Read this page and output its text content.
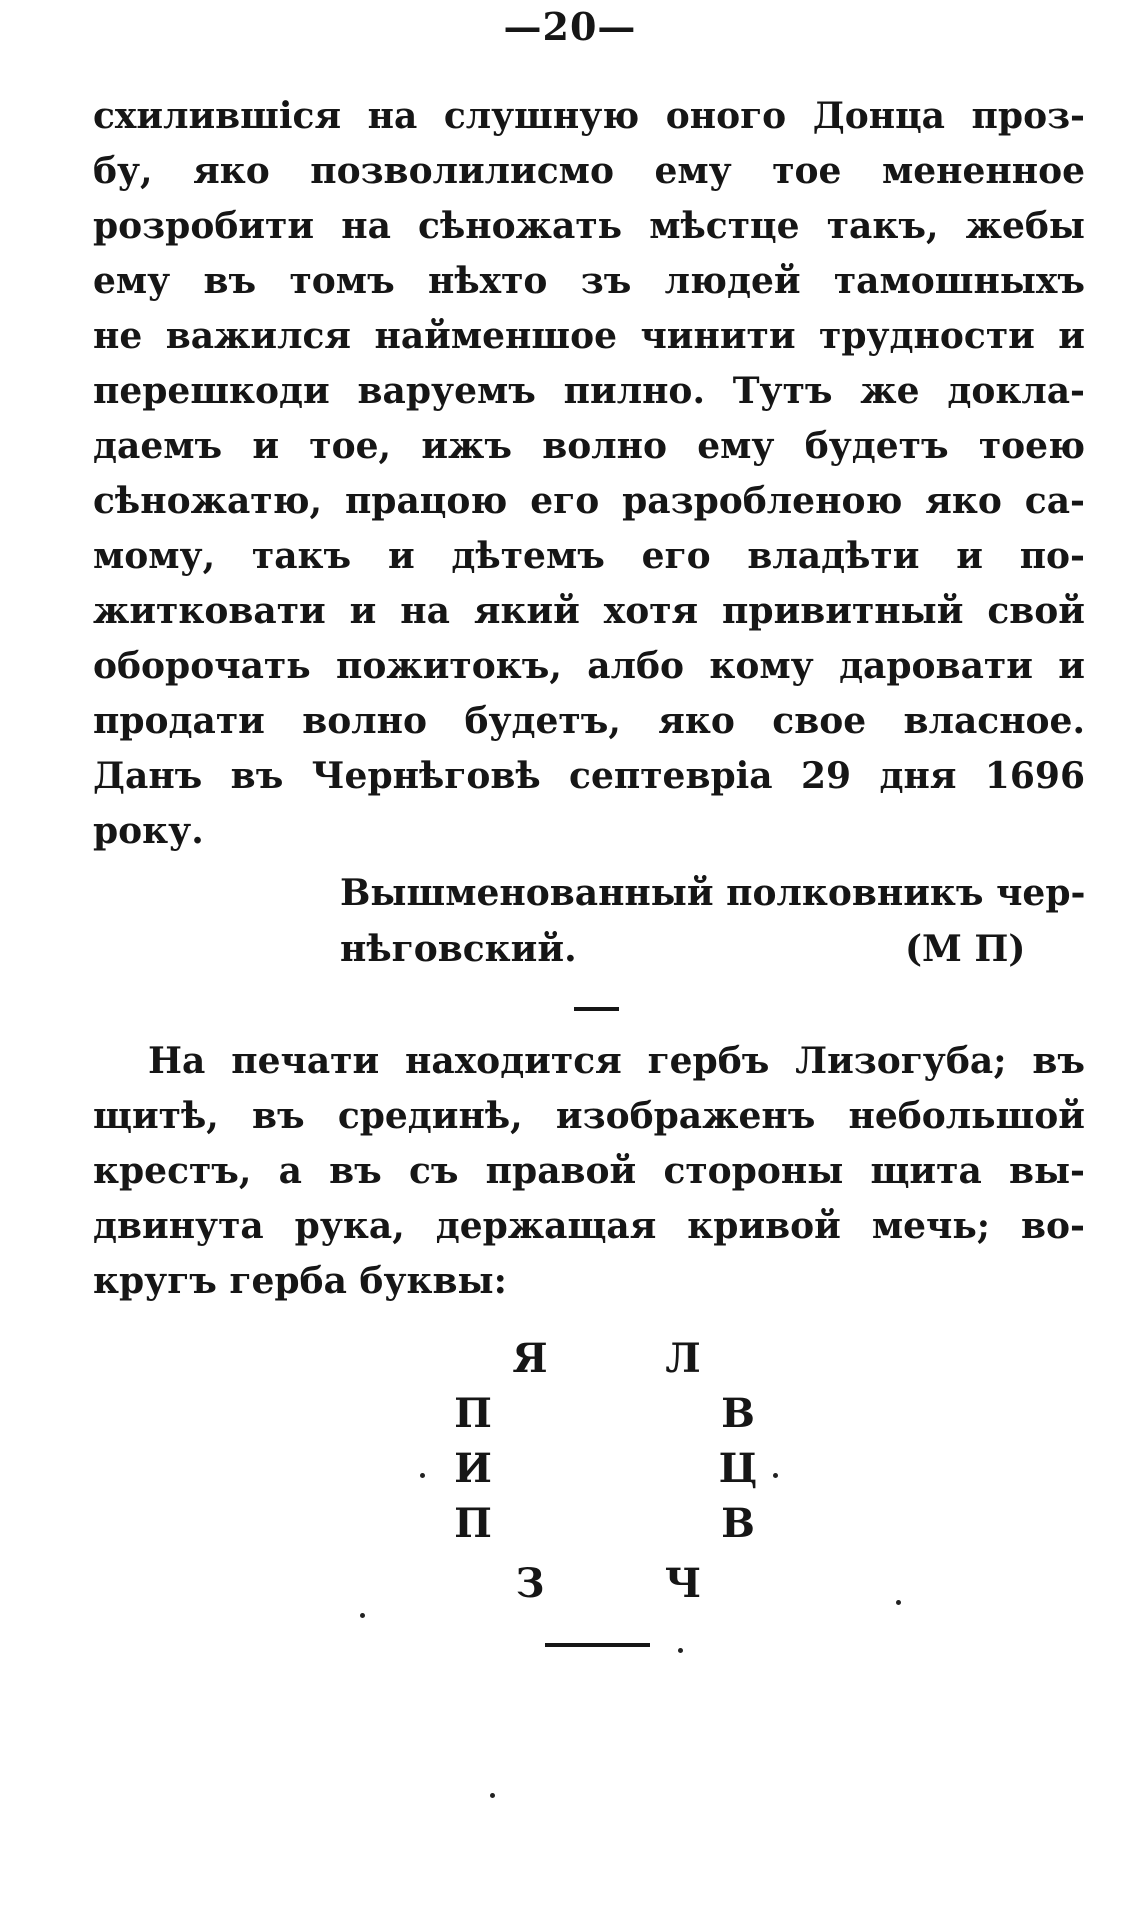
—20—
схилившіся на слушную оного Донца проз-
бу, яко позволилисмо ему тое мененное
розробити на сѣножать мѣстце такъ, жебы
ему въ томъ нѣхто зъ людей тамошныхъ
не важился найменшое чинити трудности и
перешкоди варуемъ пилно. Тутъ же докла-
даемъ и тое, ижъ волно ему будетъ тоею
сѣножатю, працою его разробленою яко са-
мому, такъ и дѣтемъ его владѣти и по-
житковати и на який хотя привитный свой
оборочать пожитокъ, албо кому даровати и
продати волно будетъ, яко свое власное.
Данъ въ Чернѣговѣ септевріа 29 дня 1696
року.
Вышменованный полковникъ чер-
нѣговский.	(М П)
На печати находится гербъ Лизогуба; въ
щитѣ, въ срединѣ, изображенъ небольшой
крестъ, а въ съ правой стороны щита вы-
двинута рука, держащая кривой мечь; во-
кругъ герба буквы:
Я	Л
П	В
И	Ц
П	В
З	Ч
